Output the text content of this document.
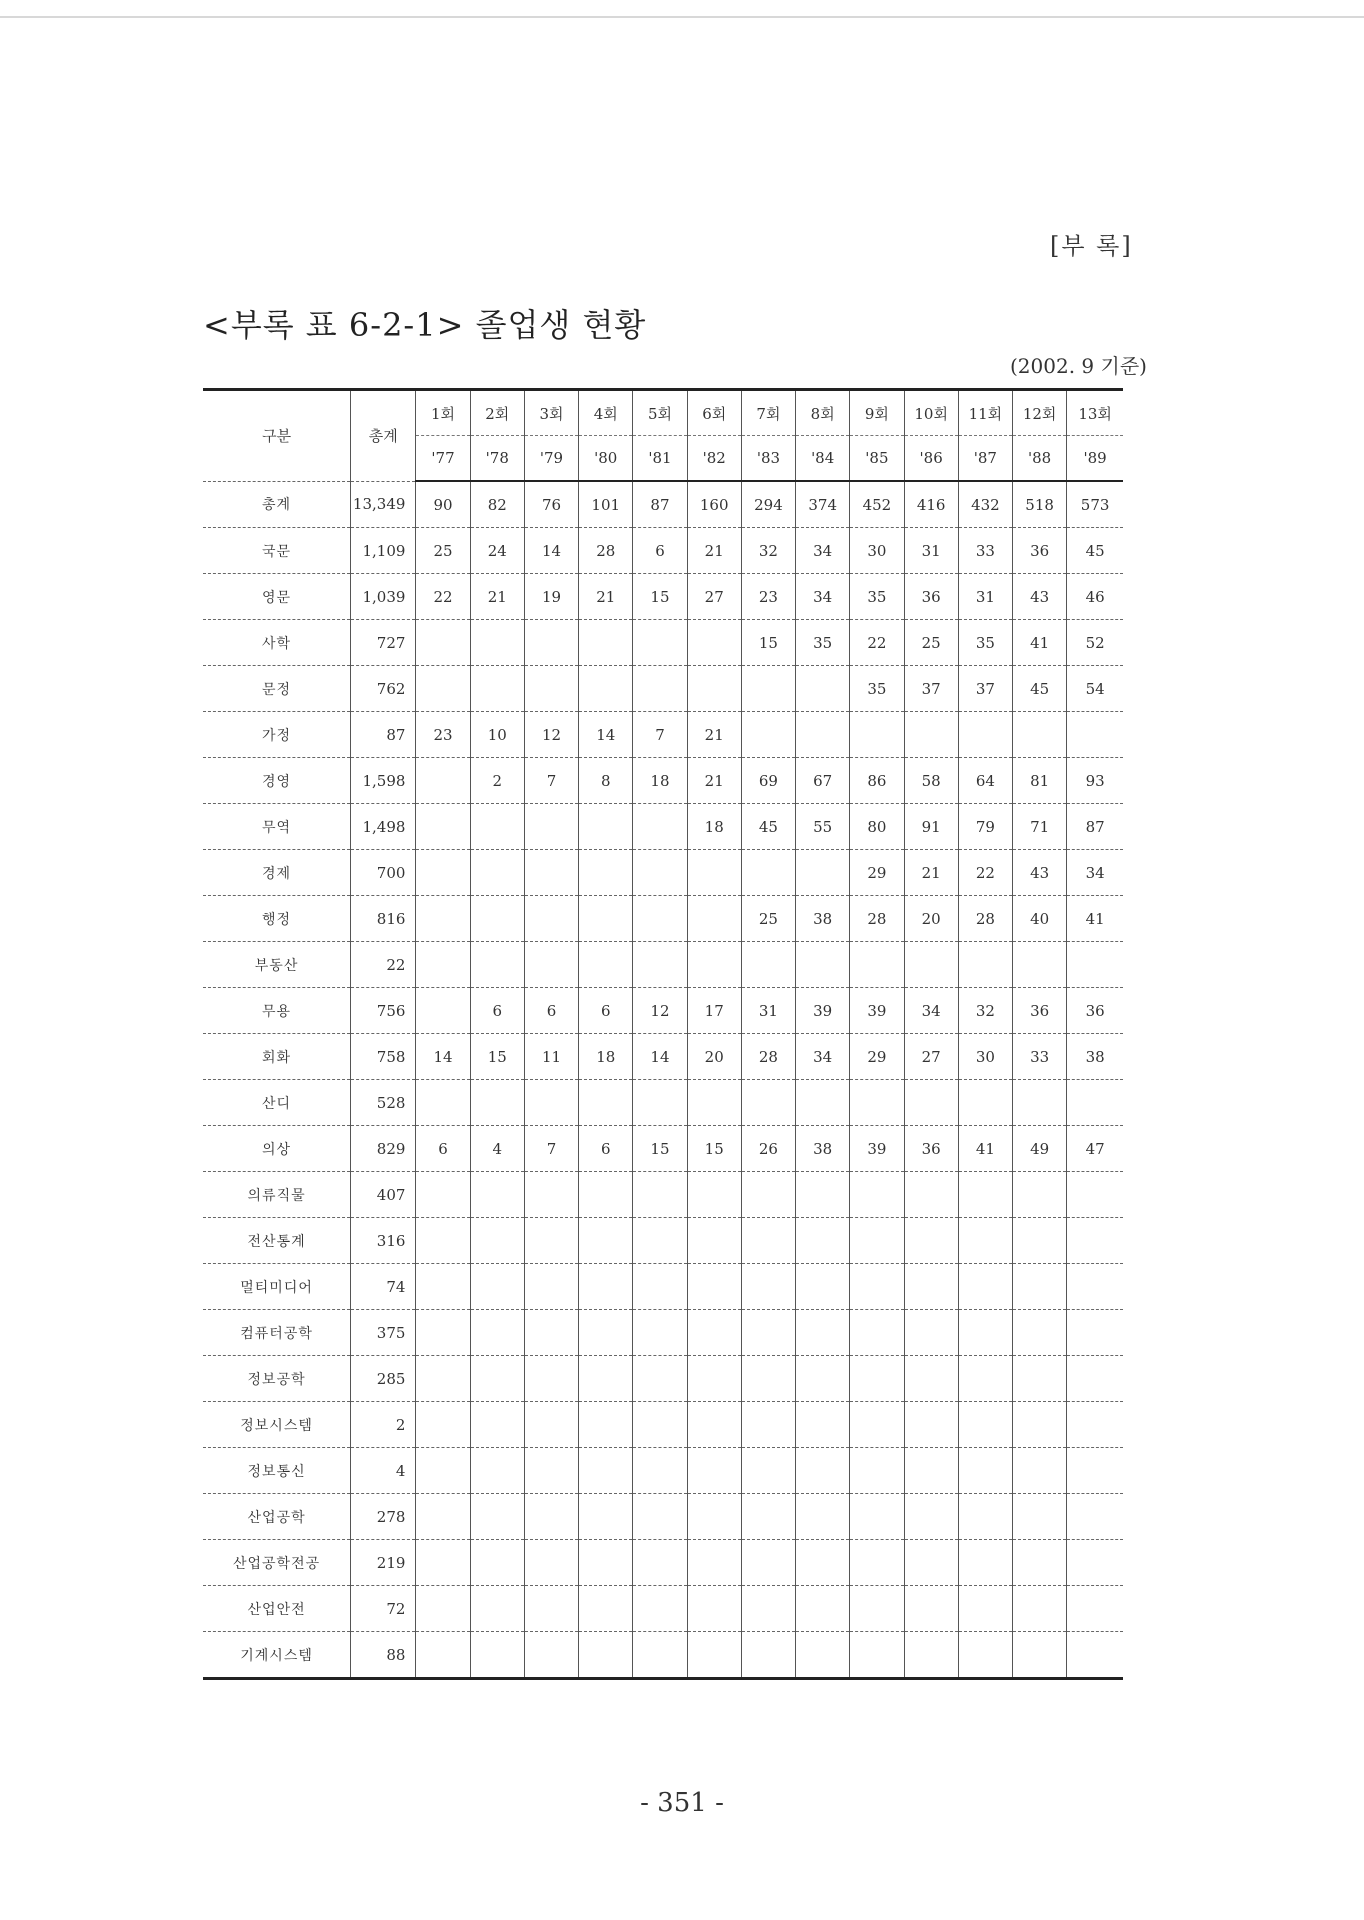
[부 록]
<부록 표 6-2-1> 졸업생 현황
(2002. 9 기준)
구분	총계	1회	2회	3회	4회	5회	6회	7회	8회	9회	10회	11회	12회	13회
		'77	'78	'79	'80	'81	'82	'83	'84	'85	'86	'87	'88	'89
총계	13,349	90	82	76	101	87	160	294	374	452	416	432	518	573
국문	1,109	25	24	14	28	6	21	32	34	30	31	33	36	45
영문	1,039	22	21	19	21	15	27	23	34	35	36	31	43	46
사학	727							15	35	22	25	35	41	52
문정	762									35	37	37	45	54
가정	87	23	10	12	14	7	21							
경영	1,598		2	7	8	18	21	69	67	86	58	64	81	93
무역	1,498						18	45	55	80	91	79	71	87
경제	700									29	21	22	43	34
행정	816							25	38	28	20	28	40	41
부동산	22													
무용	756		6	6	6	12	17	31	39	39	34	32	36	36
회화	758	14	15	11	18	14	20	28	34	29	27	30	33	38
산디	528													
의상	829	6	4	7	6	15	15	26	38	39	36	41	49	47
의류직물	407													
전산통계	316													
멀티미디어	74													
컴퓨터공학	375													
정보공학	285													
정보시스템	2													
정보통신	4													
산업공학	278													
산업공학전공	219													
산업안전	72													
기계시스템	88													
- 351 -
